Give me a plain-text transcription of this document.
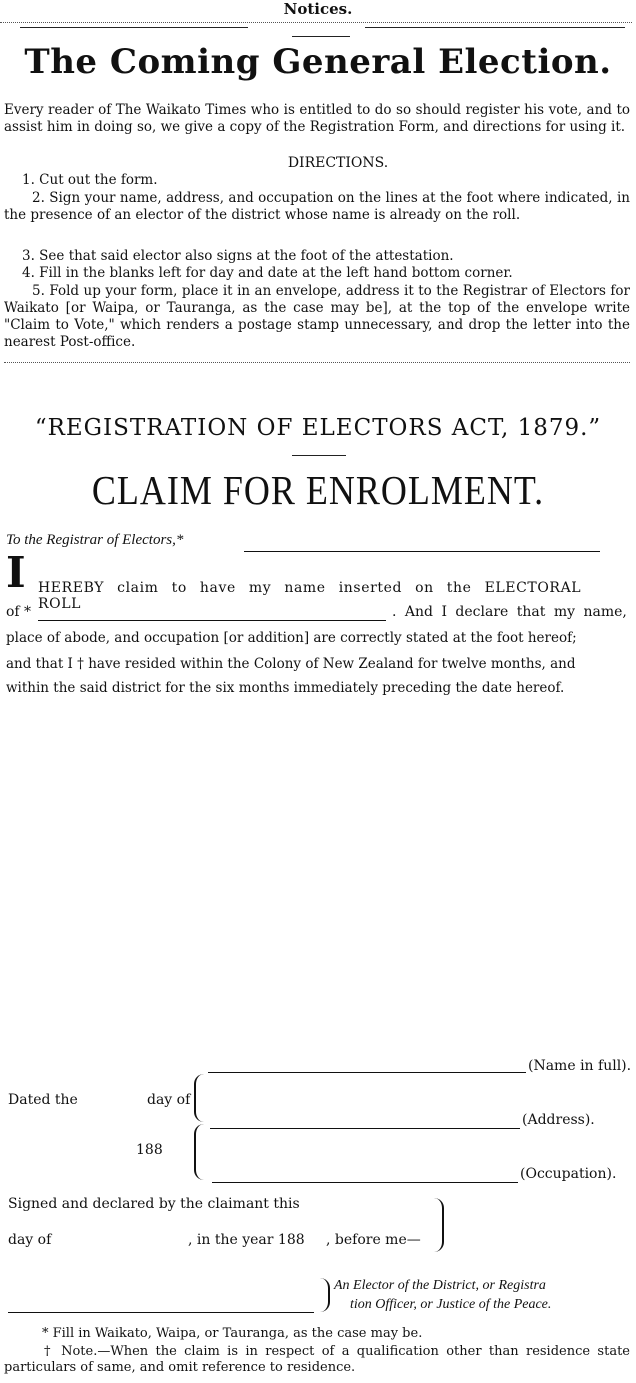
Notices.
The Coming General Election.
Every reader of The Waikato Times who is entitled to do so should register his vote, and to assist him in doing so, we give a copy of the Registration Form, and directions for using it.
DIRECTIONS.
1. Cut out the form.
2. Sign your name, address, and occupation on the lines at the foot where indicated, in the presence of an elector of the district whose name is already on the roll.
3. See that said elector also signs at the foot of the attestation.
4. Fill in the blanks left for day and date at the left hand bottom corner.
5. Fold up your form, place it in an envelope, address it to the Registrar of Electors for Waikato [or Waipa, or Tauranga, as the case may be], at the top of the envelope write "Claim to Vote," which renders a postage stamp unnecessary, and drop the letter into the nearest Post-office.
“REGISTRATION OF ELECTORS ACT, 1879.”
CLAIM FOR ENROLMENT.
To the Registrar of Electors,*
I HEREBY claim to have my name inserted on the ELECTORAL ROLL
of *	. And I declare that my name,
place of abode, and occupation [or addition] are correctly stated at the foot hereof;
and that I † have resided within the Colony of New Zealand for twelve months, and
within the said district for the six months immediately preceding the date hereof.
(Name in full).
Dated the	day of
(Address).
188
(Occupation).
Signed and declared by the claimant this
day of	, in the year 188 , before me—
An Elector of the District, or Registra
tion Officer, or Justice of the Peace.
* Fill in Waikato, Waipa, or Tauranga, as the case may be.
† Note.—When the claim is in respect of a qualification other than residence state particulars of same, and omit reference to residence.
